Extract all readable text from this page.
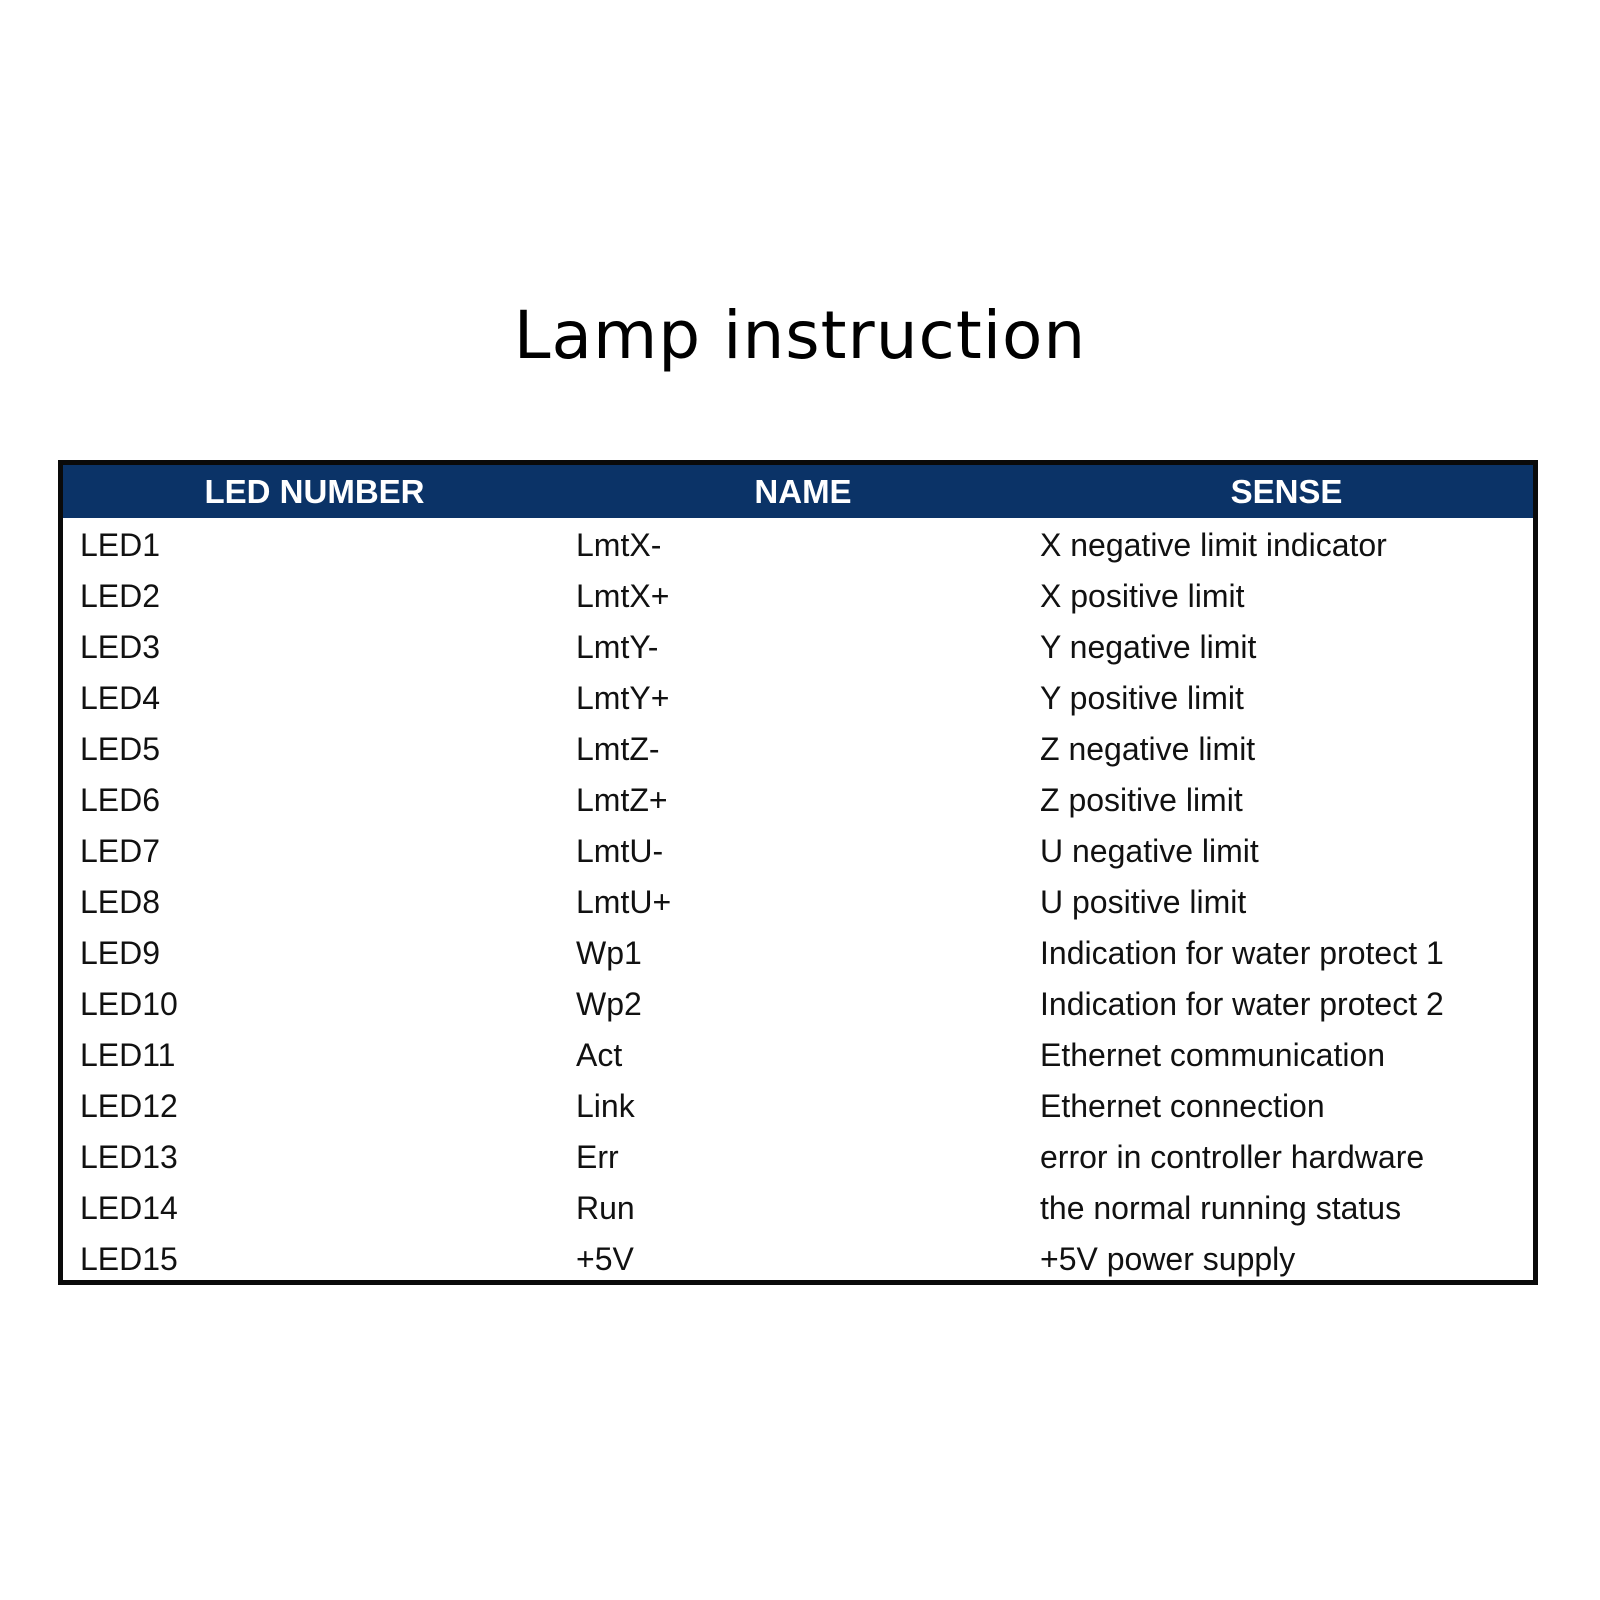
Lamp instruction
LED NUMBER	NAME	SENSE
LED1	LmtX-	X negative limit indicator
LED2	LmtX+	X positive limit
LED3	LmtY-	Y negative limit
LED4	LmtY+	Y positive limit
LED5	LmtZ-	Z negative limit
LED6	LmtZ+	Z positive limit
LED7	LmtU-	U negative limit
LED8	LmtU+	U positive limit
LED9	Wp1	Indication for water protect 1
LED10	Wp2	Indication for water protect 2
LED11	Act	Ethernet communication
LED12	Link	Ethernet connection
LED13	Err	error in controller hardware
LED14	Run	the normal running status
LED15	+5V	+5V power supply
